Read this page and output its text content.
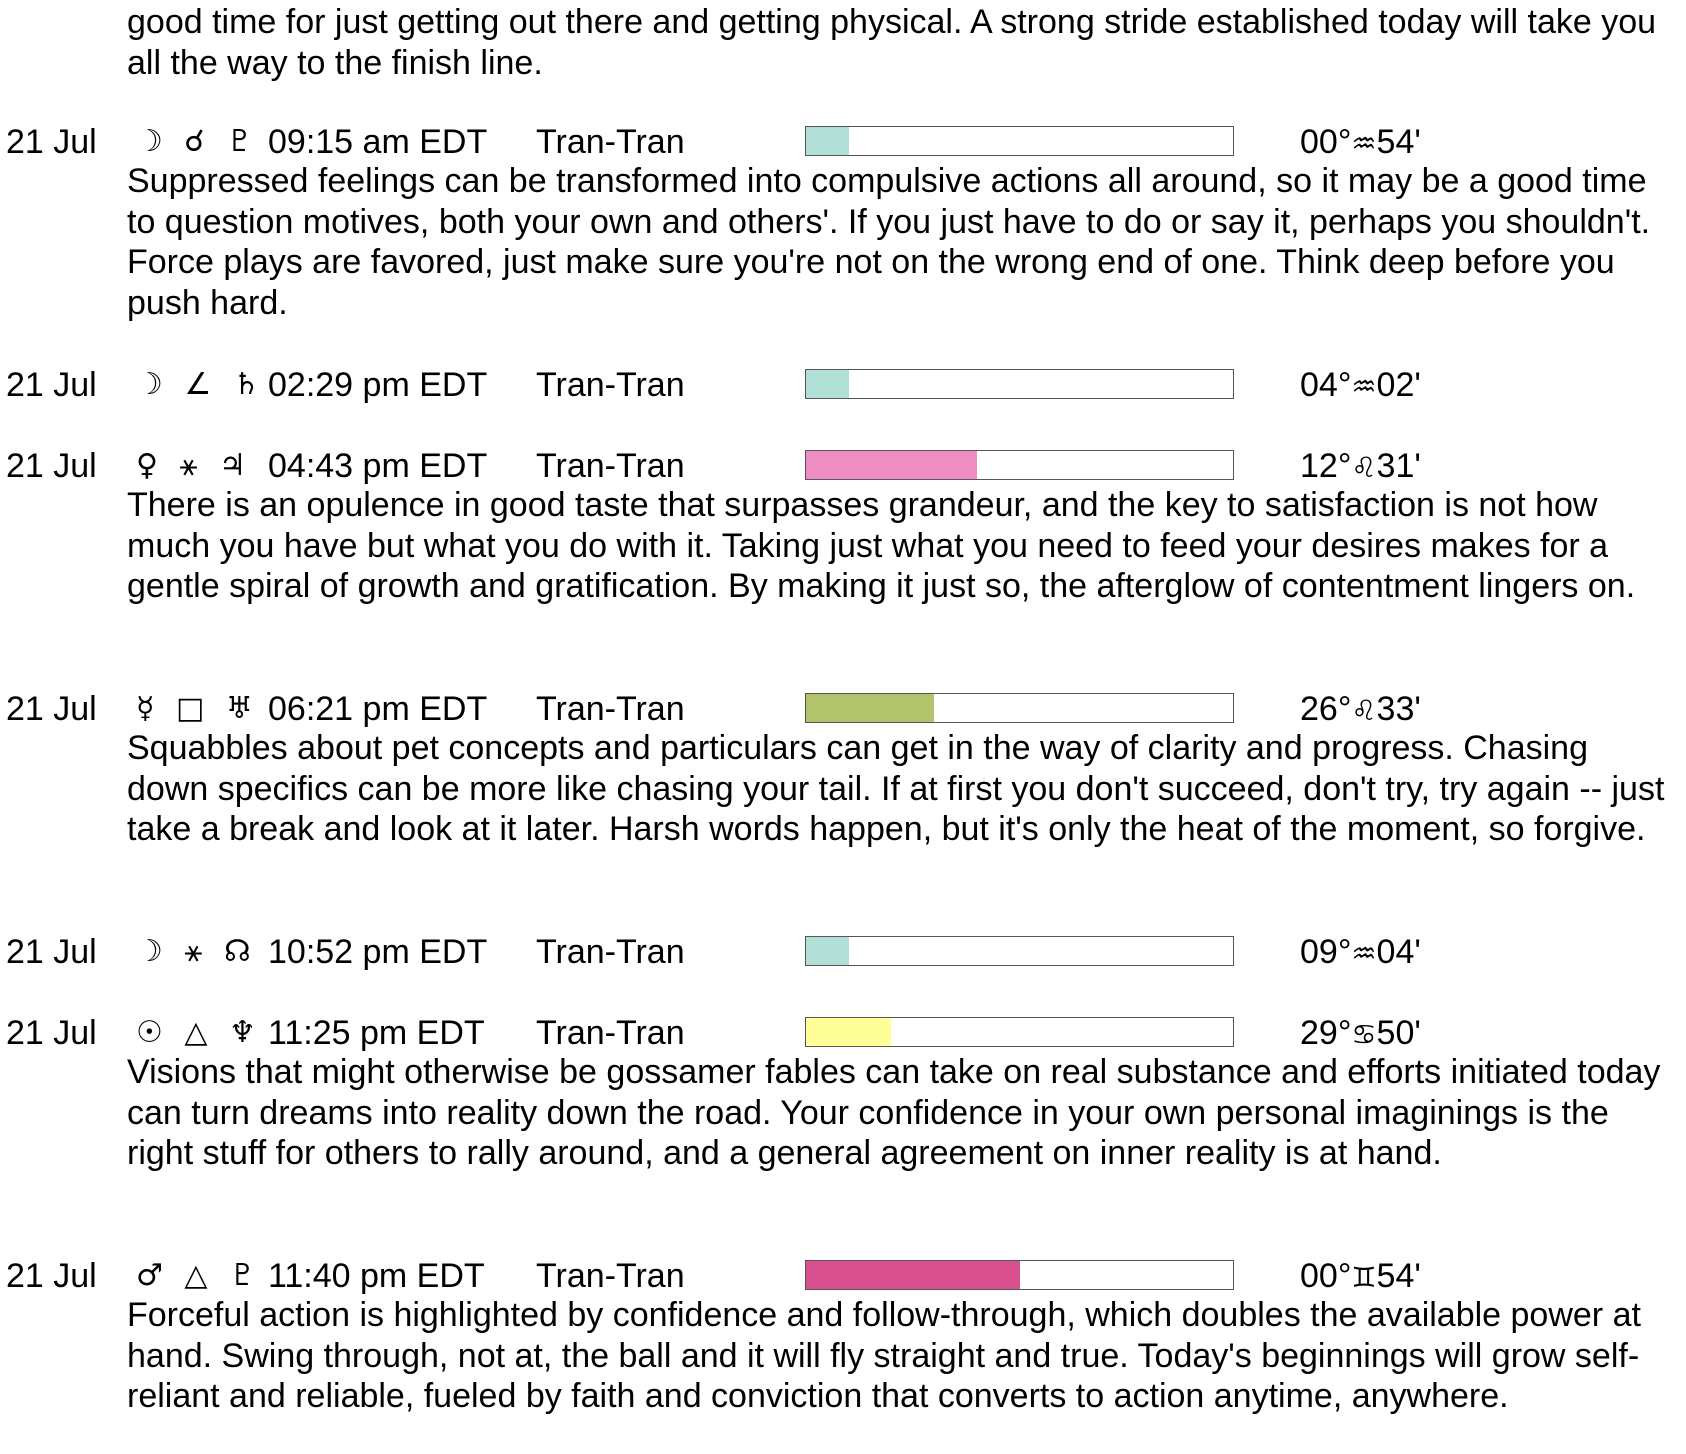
good time for just getting out there and getting physical. A strong stride established today will take you all the way to the finish line.

21 Jul ☽ ☌ ♇ 09:15 am EDT Tran-Tran	00°♒54'

Suppressed feelings can be transformed into compulsive actions all around, so it may be a good time to question motives, both your own and others'. If you just have to do or say it, perhaps you shouldn't. Force plays are favored, just make sure you're not on the wrong end of one. Think deep before you push hard.

21 Jul ☽ ∠ ♄ 02:29 pm EDT Tran-Tran	04°♒02'
21 Jul ♀ ⚹ ♃ 04:43 pm EDT Tran-Tran	12°♌31'

There is an opulence in good taste that surpasses grandeur, and the key to satisfaction is not how much you have but what you do with it. Taking just what you need to feed your desires makes for a gentle spiral of growth and gratification. By making it just so, the afterglow of contentment lingers on.

21 Jul ☿ □ ♅ 06:21 pm EDT Tran-Tran	26°♌33'

Squabbles about pet concepts and particulars can get in the way of clarity and progress. Chasing down specifics can be more like chasing your tail. If at first you don't succeed, don't try, try again -- just take a break and look at it later. Harsh words happen, but it's only the heat of the moment, so forgive.

21 Jul ☽ ⚹ ☊ 10:52 pm EDT Tran-Tran	09°♒04'
21 Jul ☉ △ ♆ 11:25 pm EDT Tran-Tran	29°♋50'

Visions that might otherwise be gossamer fables can take on real substance and efforts initiated today can turn dreams into reality down the road. Your confidence in your own personal imaginings is the right stuff for others to rally around, and a general agreement on inner reality is at hand.

21 Jul ♂ △ ♇ 11:40 pm EDT Tran-Tran	00°♊54'

Forceful action is highlighted by confidence and follow-through, which doubles the available power at hand. Swing through, not at, the ball and it will fly straight and true. Today's beginnings will grow self-reliant and reliable, fueled by faith and conviction that converts to action anytime, anywhere.
